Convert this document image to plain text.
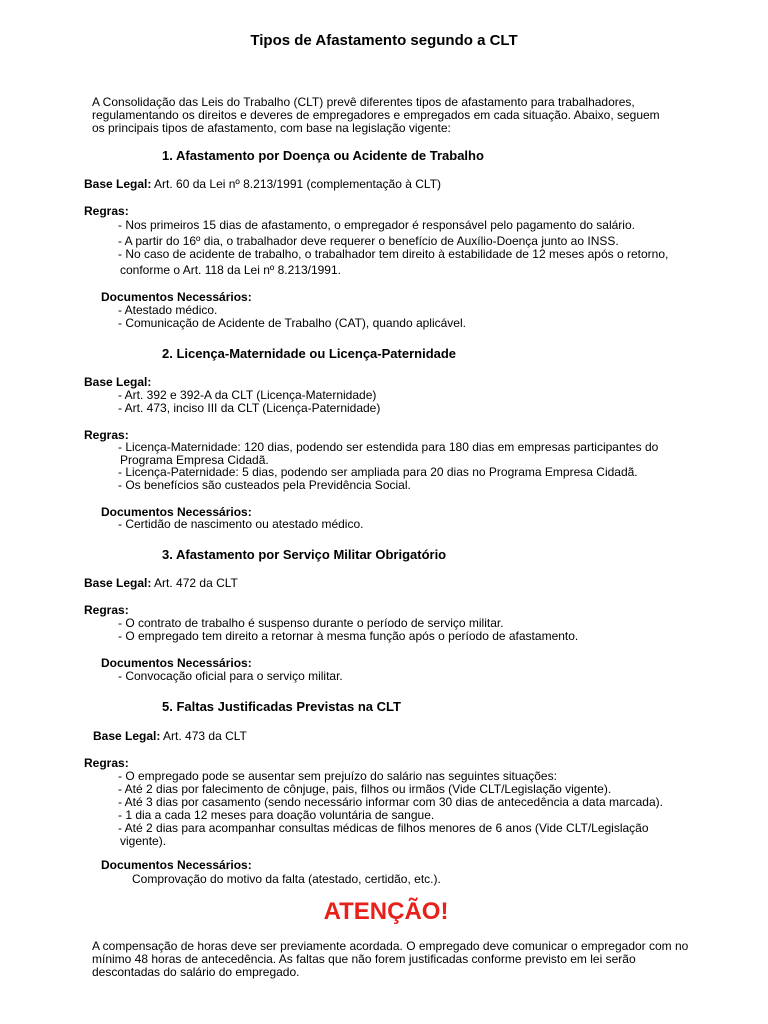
Tipos de Afastamento segundo a CLT
A Consolidação das Leis do Trabalho (CLT) prevê diferentes tipos de afastamento para trabalhadores, regulamentando os direitos e deveres de empregadores e empregados em cada situação. Abaixo, seguem os principais tipos de afastamento, com base na legislação vigente:
1. Afastamento por Doença ou Acidente de Trabalho
Base Legal: Art. 60 da Lei nº 8.213/1991 (complementação à CLT)
Regras:
- Nos primeiros 15 dias de afastamento, o empregador é responsável pelo pagamento do salário.
- A partir do 16º dia, o trabalhador deve requerer o benefício de Auxílio-Doença junto ao INSS.
- No caso de acidente de trabalho, o trabalhador tem direito à estabilidade de 12 meses após o retorno,
conforme o Art. 118 da Lei nº 8.213/1991.
Documentos Necessários:
- Atestado médico.
- Comunicação de Acidente de Trabalho (CAT), quando aplicável.
2. Licença-Maternidade ou Licença-Paternidade
Base Legal:
- Art. 392 e 392-A da CLT (Licença-Maternidade)
- Art. 473, inciso III da CLT (Licença-Paternidade)
Regras:
- Licença-Maternidade: 120 dias, podendo ser estendida para 180 dias em empresas participantes do
Programa Empresa Cidadã.
- Licença-Paternidade: 5 dias, podendo ser ampliada para 20 dias no Programa Empresa Cidadã.
- Os benefícios são custeados pela Previdência Social.
Documentos Necessários:
- Certidão de nascimento ou atestado médico.
3. Afastamento por Serviço Militar Obrigatório
Base Legal: Art. 472 da CLT
Regras:
- O contrato de trabalho é suspenso durante o período de serviço militar.
- O empregado tem direito a retornar à mesma função após o período de afastamento.
Documentos Necessários:
- Convocação oficial para o serviço militar.
5. Faltas Justificadas Previstas na CLT
Base Legal: Art. 473 da CLT
Regras:
- O empregado pode se ausentar sem prejuízo do salário nas seguintes situações:
- Até 2 dias por falecimento de cônjuge, pais, filhos ou irmãos (Vide CLT/Legislação vigente).
- Até 3 dias por casamento (sendo necessário informar com 30 dias de antecedência a data marcada).
- 1 dia a cada 12 meses para doação voluntária de sangue.
- Até 2 dias para acompanhar consultas médicas de filhos menores de 6 anos (Vide CLT/Legislação
vigente).
Documentos Necessários:
Comprovação do motivo da falta (atestado, certidão, etc.).
ATENÇÃO!
A compensação de horas deve ser previamente acordada. O empregado deve comunicar o empregador com no mínimo 48 horas de antecedência. As faltas que não forem justificadas conforme previsto em lei serão descontadas do salário do empregado.
